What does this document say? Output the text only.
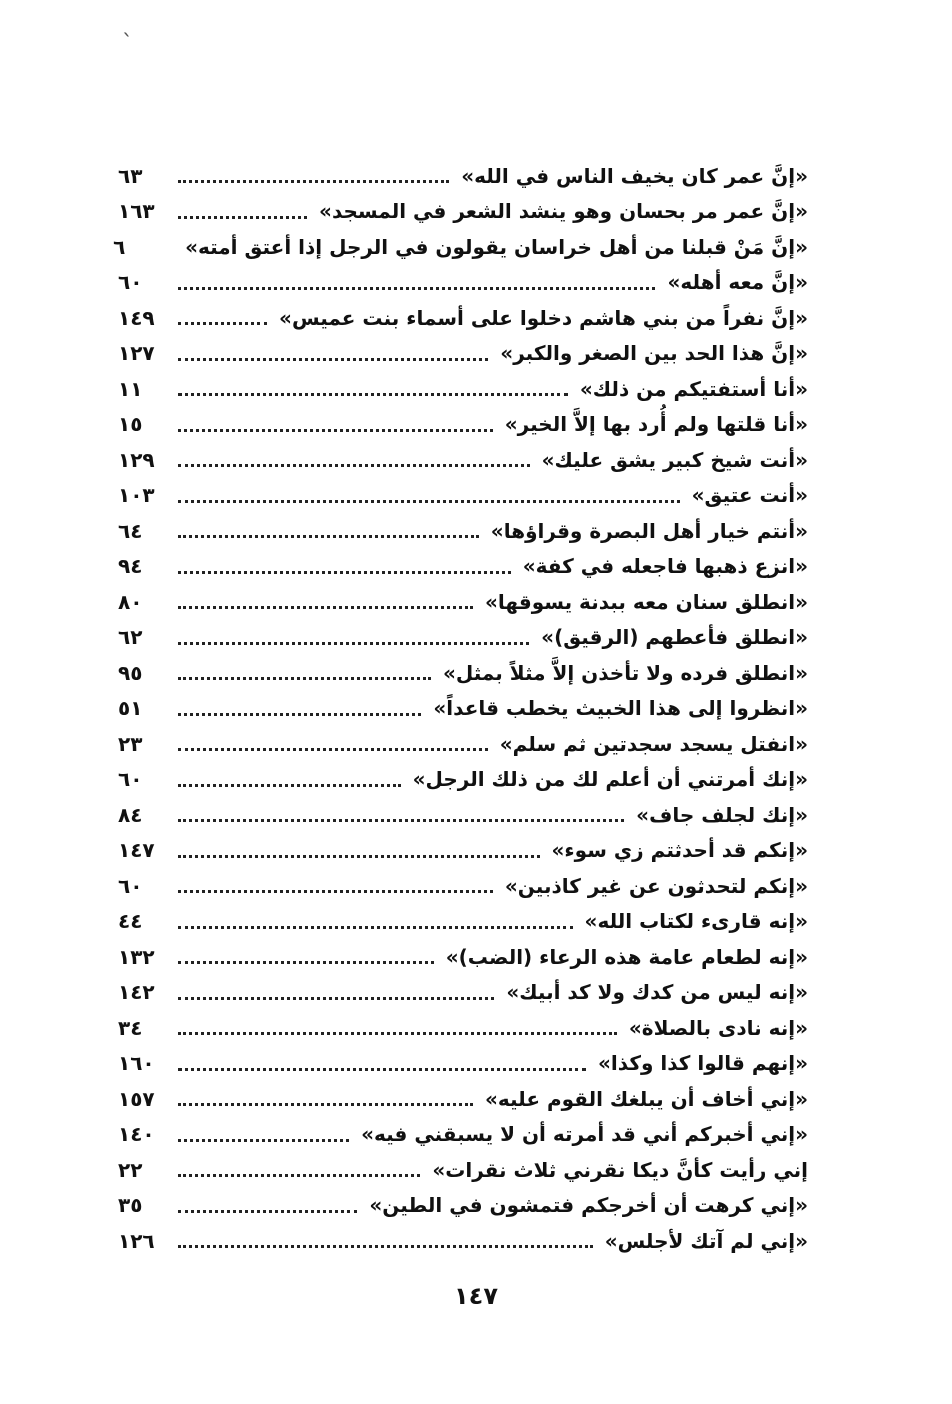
ˎ
«إنَّ عمر كان يخيف الناس في الله»
٦٣
«إنَّ عمر مر بحسان وهو ينشد الشعر في المسجد»
١٦٣
«إنَّ مَنْ قبلنا من أهل خراسان يقولون في الرجل إذا أعتق أمته»
٦
«إنَّ معه أهله»
٦٠
«إنَّ نفراً من بني هاشم دخلوا على أسماء بنت عميس»
١٤٩
«إنَّ هذا الحد بين الصغر والكبر»
١٢٧
«أنا أستفتيكم من ذلك»
١١
«أنا قلتها ولم أُرد بها إلاَّ الخير»
١٥
«أنت شيخ كبير يشق عليك»
١٢٩
«أنت عتيق»
١٠٣
«أنتم خيار أهل البصرة وقراؤها»
٦٤
«انزع ذهبها فاجعله في كفة»
٩٤
«انطلق سنان معه ببدنة يسوقها»
٨٠
«انطلق فأعطهم (الرقيق)»
٦٢
«انطلق فرده ولا تأخذن إلاَّ مثلاً بمثل»
٩٥
«انظروا إلى هذا الخبيث يخطب قاعداً»
٥١
«انفتل يسجد سجدتين ثم سلم»
٢٣
«إنك أمرتني أن أعلم لك من ذلك الرجل»
٦٠
«إنك لجلف جاف»
٨٤
«إنكم قد أحدثتم زي سوء»
١٤٧
«إنكم لتحدثون عن غير كاذبين»
٦٠
«إنه قارىء لكتاب الله»
٤٤
«إنه لطعام عامة هذه الرعاء (الضب)»
١٣٢
«إنه ليس من كدك ولا كد أبيك»
١٤٢
«إنه نادى بالصلاة»
٣٤
«إنهم قالوا كذا وكذا»
١٦٠
«إني أخاف أن يبلغك القوم عليه»
١٥٧
«إني أخبركم أني قد أمرته أن لا يسبقني فيه»
١٤٠
إني رأيت كأنَّ ديكا نقرني ثلاث نقرات»
٢٢
«إني كرهت أن أخرجكم فتمشون في الطين»
٣٥
«إني لم آتك لأجلس»
١٢٦
١٤٧
